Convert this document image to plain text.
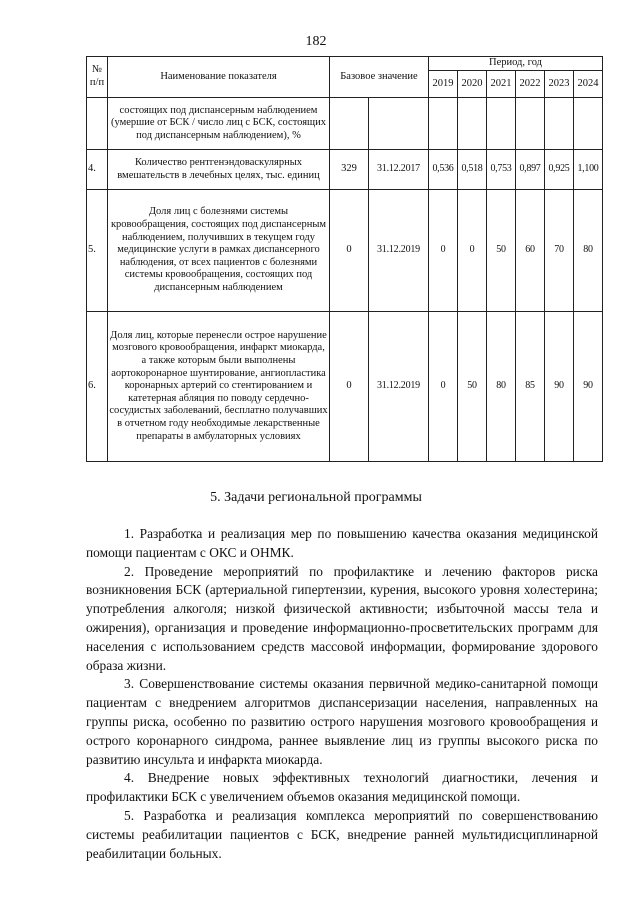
182
№ п/п	Наименование показателя	Базовое значение		Период, год					
				2019	2020	2021	2022	2023	2024
	состоящих под диспансерным наблюдением (умершие от БСК / число лиц с БСК, состоящих под диспансерным наблюдением), %								
4.	Количество рентгенэндоваскулярных вмешательств в лечебных целях, тыс. единиц	329	31.12.2017	0,536	0,518	0,753	0,897	0,925	1,100
5.	Доля лиц с болезнями системы кровообращения, состоящих под диспансерным наблюдением, получивших в текущем году медицинские услуги в рамках диспансерного наблюдения, от всех пациентов с болезнями системы кровообращения, состоящих под диспансерным наблюдением	0	31.12.2019	0	0	50	60	70	80
6.	Доля лиц, которые перенесли острое нарушение мозгового кровообращения, инфаркт миокарда, а также которым были выполнены аортокоронарное шунтирование, ангиопластика коронарных артерий со стентированием и катетерная абляция по поводу сердечно-сосудистых заболеваний, бесплатно получавших в отчетном году необходимые лекарственные препараты в амбулаторных условиях	0	31.12.2019	0	50	80	85	90	90
5. Задачи региональной программы

1. Разработка и реализация мер по повышению качества оказания медицинской помощи пациентам с ОКС и ОНМК.

2. Проведение мероприятий по профилактике и лечению факторов риска возникновения БСК (артериальной гипертензии, курения, высокого уровня холестерина; употребления алкоголя; низкой физической активности; избыточной массы тела и ожирения), организация и проведение информационно-просветительских программ для населения с использованием средств массовой информации, формирование здорового образа жизни.

3. Совершенствование системы оказания первичной медико-санитарной помощи пациентам с внедрением алгоритмов диспансеризации населения, направленных на группы риска, особенно по развитию острого нарушения мозгового кровообращения и острого коронарного синдрома, раннее выявление лиц из группы высокого риска по развитию инсульта и инфаркта миокарда.

4. Внедрение новых эффективных технологий диагностики, лечения и профилактики БСК с увеличением объемов оказания медицинской помощи.

5. Разработка и реализация комплекса мероприятий по совершенствованию системы реабилитации пациентов с БСК, внедрение ранней мультидисциплинарной реабилитации больных.
